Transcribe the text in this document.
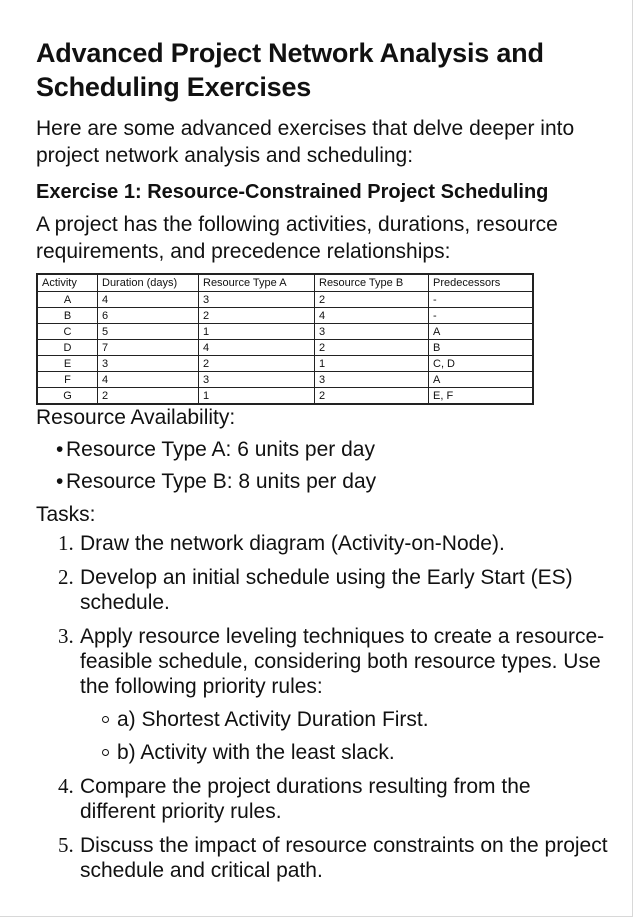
Advanced Project Network Analysis and Scheduling Exercises

Here are some advanced exercises that delve deeper into project network analysis and scheduling:

Exercise 1: Resource-Constrained Project Scheduling

A project has the following activities, durations, resource requirements, and precedence relationships:

Activity	Duration (days)	Resource Type A	Resource Type B	Predecessors
A	4	3	2	-
B	6	2	4	-
C	5	1	3	A
D	7	4	2	B
E	3	2	1	C, D
F	4	3	3	A
G	2	1	2	E, F

Resource Availability:

• Resource Type A: 6 units per day
• Resource Type B: 8 units per day

Tasks:

1. Draw the network diagram (Activity-on-Node).
2. Develop an initial schedule using the Early Start (ES) schedule.
3. Apply resource leveling techniques to create a resource-feasible schedule, considering both resource types. Use the following priority rules:
a) Shortest Activity Duration First.
b) Activity with the least slack.
4. Compare the project durations resulting from the different priority rules.
5. Discuss the impact of resource constraints on the project schedule and critical path.
